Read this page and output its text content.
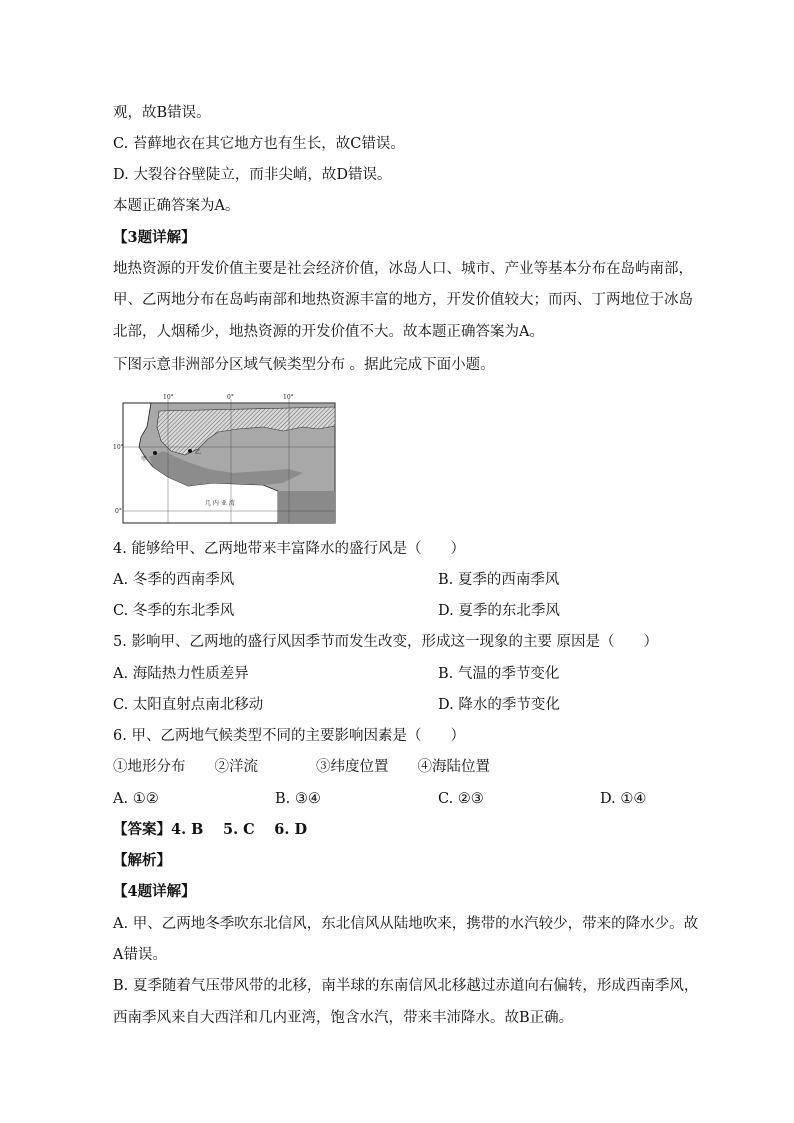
观，故B错误。
C. 苔藓地衣在其它地方也有生长，故C错误。
D. 大裂谷谷壁陡立，而非尖峭，故D错误。
本题正确答案为A。
【3题详解】
地热资源的开发价值主要是社会经济价值，冰岛人口、城市、产业等基本分布在岛屿南部，
甲、乙两地分布在岛屿南部和地热资源丰富的地方，开发价值较大；而丙、丁两地位于冰岛
北部，人烟稀少，地热资源的开发价值不大。故本题正确答案为A。
下图示意非洲部分区域气候类型分布 。据此完成下面小题。
10°	0°	10°
10°
0°
甲
乙
几 内 亚 湾
4. 能够给甲、乙两地带来丰富降水的盛行风是（　　）
A. 冬季的西南季风	B. 夏季的西南季风
C. 冬季的东北季风	D. 夏季的东北季风
5. 影响甲、乙两地的盛行风因季节而发生改变，形成这一现象的主要 原因是（　　）
A. 海陆热力性质差异	B. 气温的季节变化
C. 太阳直射点南北移动	D. 降水的季节变化
6. 甲、乙两地气候类型不同的主要影响因素是（　　）
①地形分布　　②洋流　　　　③纬度位置　　④海陆位置
A. ①②	B. ③④	C. ②③	D. ①④
【答案】4. B　 5. C　 6. D
【解析】
【4题详解】
A. 甲、乙两地冬季吹东北信风，东北信风从陆地吹来，携带的水汽较少，带来的降水少。故
A错误。
B. 夏季随着气压带风带的北移，南半球的东南信风北移越过赤道向右偏转，形成西南季风，
西南季风来自大西洋和几内亚湾，饱含水汽，带来丰沛降水。故B正确。
